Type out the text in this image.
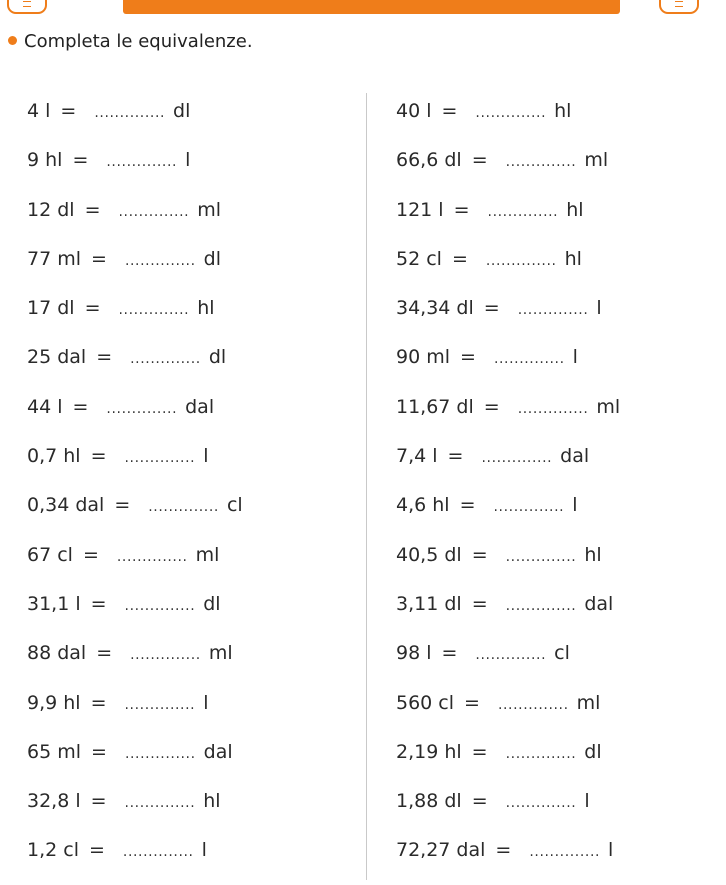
Completa le equivalenze.
4 l = .............. dl
9 hl = .............. l
12 dl = .............. ml
77 ml = .............. dl
17 dl = .............. hl
25 dal = .............. dl
44 l = .............. dal
0,7 hl = .............. l
0,34 dal = .............. cl
67 cl = .............. ml
31,1 l = .............. dl
88 dal = .............. ml
9,9 hl = .............. l
65 ml = .............. dal
32,8 l = .............. hl
1,2 cl = .............. l
40 l = .............. hl
66,6 dl = .............. ml
121 l = .............. hl
52 cl = .............. hl
34,34 dl = .............. l
90 ml = .............. l
11,67 dl = .............. ml
7,4 l = .............. dal
4,6 hl = .............. l
40,5 dl = .............. hl
3,11 dl = .............. dal
98 l = .............. cl
560 cl = .............. ml
2,19 hl = .............. dl
1,88 dl = .............. l
72,27 dal = .............. l
